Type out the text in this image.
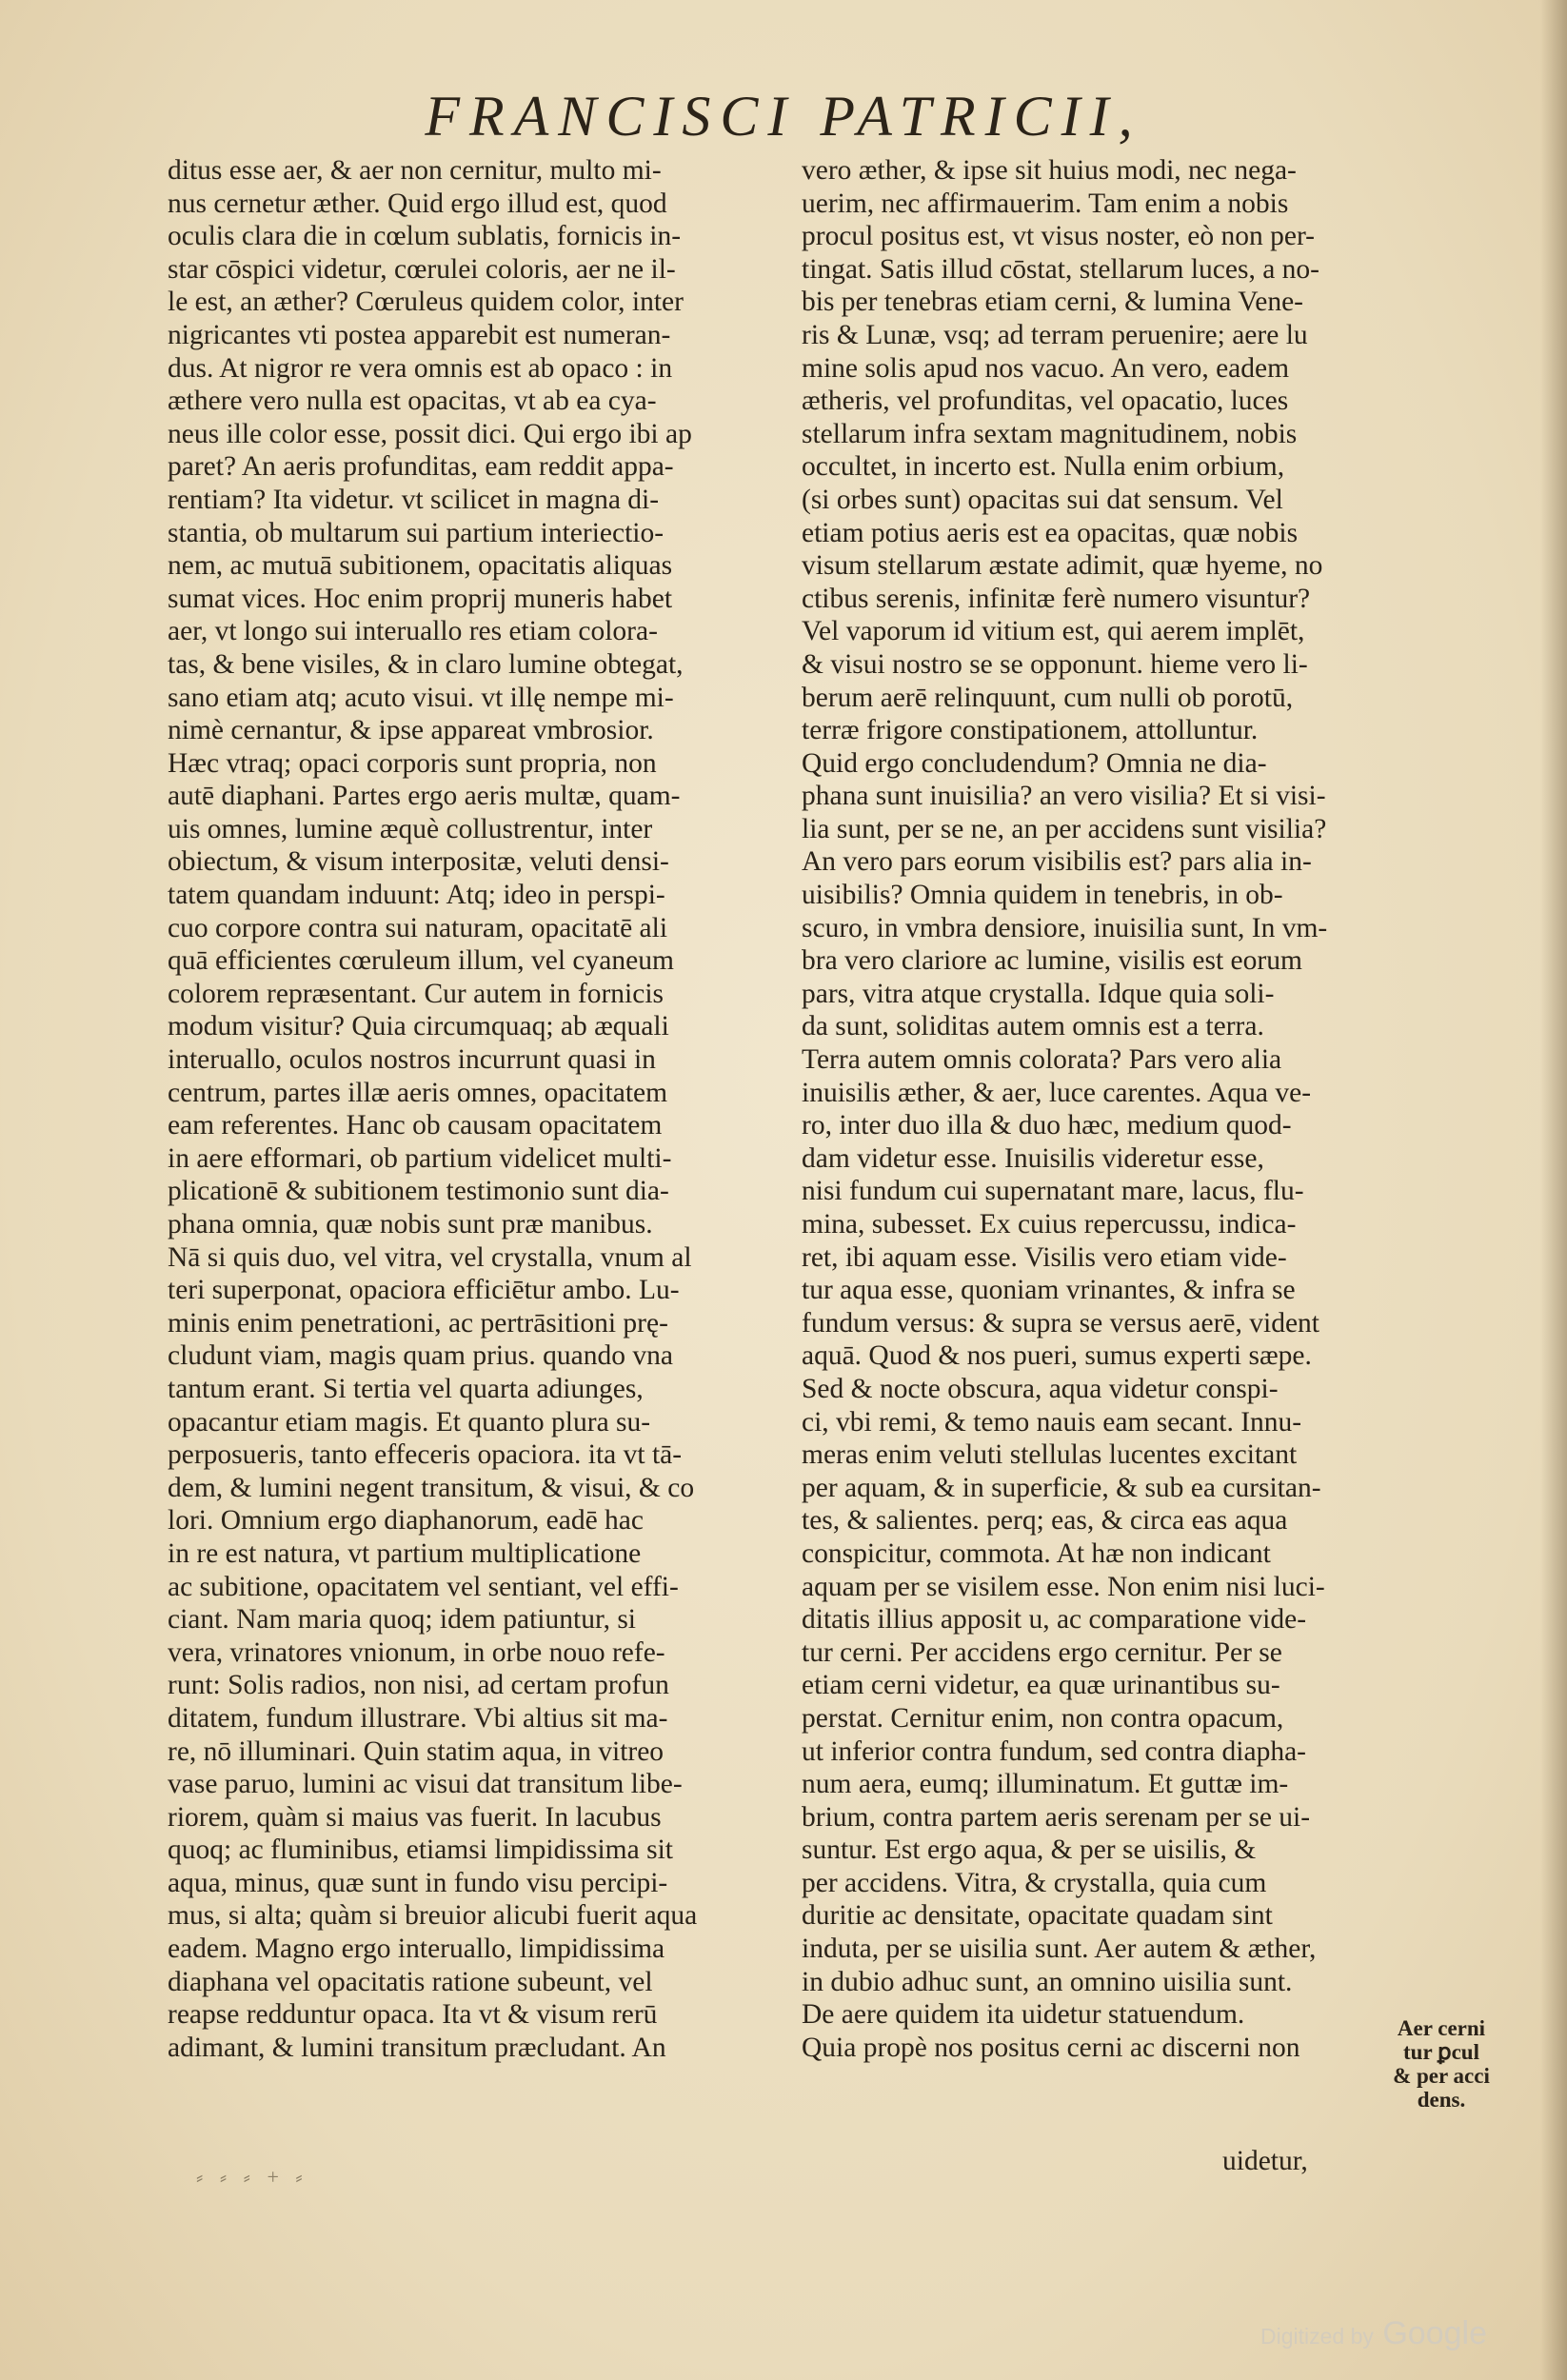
FRANCISCI PATRICII,
ditus esse aer, & aer non cernitur, multo mi-
nus cernetur æther. Quid ergo illud est, quod
oculis clara die in cœlum sublatis, fornicis in-
star cōspici videtur, cœrulei coloris, aer ne il-
le est, an æther? Cœruleus quidem color, inter
nigricantes vti postea apparebit est numeran-
dus. At nigror re vera omnis est ab opaco : in
æthere vero nulla est opacitas, vt ab ea cya-
neus ille color esse, possit dici. Qui ergo ibi ap
paret? An aeris profunditas, eam reddit appa-
rentiam? Ita videtur. vt scilicet in magna di-
stantia, ob multarum sui partium interiectio-
nem, ac mutuā subitionem, opacitatis aliquas
sumat vices. Hoc enim proprij muneris habet
aer, vt longo sui interuallo res etiam colora-
tas, & bene visiles, & in claro lumine obtegat,
sano etiam atq; acuto visui. vt illę nempe mi-
nimè cernantur, & ipse appareat vmbrosior.
Hæc vtraq; opaci corporis sunt propria, non
autē diaphani. Partes ergo aeris multæ, quam-
uis omnes, lumine æquè collustrentur, inter
obiectum, & visum interpositæ, veluti densi-
tatem quandam induunt: Atq; ideo in perspi-
cuo corpore contra sui naturam, opacitatē ali
quā efficientes cœruleum illum, vel cyaneum
colorem repræsentant. Cur autem in fornicis
modum visitur? Quia circumquaq; ab æquali
interuallo, oculos nostros incurrunt quasi in
centrum, partes illæ aeris omnes, opacitatem
eam referentes. Hanc ob causam opacitatem
in aere efformari, ob partium videlicet multi-
plicationē & subitionem testimonio sunt dia-
phana omnia, quæ nobis sunt præ manibus.
Nā si quis duo, vel vitra, vel crystalla, vnum al
teri superponat, opaciora efficiētur ambo. Lu-
minis enim penetrationi, ac pertrāsitioni prę-
cludunt viam, magis quam prius. quando vna
tantum erant. Si tertia vel quarta adiunges,
opacantur etiam magis. Et quanto plura su-
perposueris, tanto effeceris opaciora. ita vt tā-
dem, & lumini negent transitum, & visui, & co
lori. Omnium ergo diaphanorum, eadē hac
in re est natura, vt partium multiplicatione
ac subitione, opacitatem vel sentiant, vel effi-
ciant. Nam maria quoq; idem patiuntur, si
vera, vrinatores vnionum, in orbe nouo refe-
runt: Solis radios, non nisi, ad certam profun
ditatem, fundum illustrare. Vbi altius sit ma-
re, nō illuminari. Quin statim aqua, in vitreo
vase paruo, lumini ac visui dat transitum libe-
riorem, quàm si maius vas fuerit. In lacubus
quoq; ac fluminibus, etiamsi limpidissima sit
aqua, minus, quæ sunt in fundo visu percipi-
mus, si alta; quàm si breuior alicubi fuerit aqua
eadem. Magno ergo interuallo, limpidissima
diaphana vel opacitatis ratione subeunt, vel
reapse redduntur opaca. Ita vt & visum rerū
adimant, & lumini transitum præcludant. An
vero æther, & ipse sit huius modi, nec nega-
uerim, nec affirmauerim. Tam enim a nobis
procul positus est, vt visus noster, eò non per-
tingat. Satis illud cōstat, stellarum luces, a no-
bis per tenebras etiam cerni, & lumina Vene-
ris & Lunæ, vsq; ad terram peruenire; aere lu
mine solis apud nos vacuo. An vero, eadem
ætheris, vel profunditas, vel opacatio, luces
stellarum infra sextam magnitudinem, nobis
occultet, in incerto est. Nulla enim orbium,
(si orbes sunt) opacitas sui dat sensum. Vel
etiam potius aeris est ea opacitas, quæ nobis
visum stellarum æstate adimit, quæ hyeme, no
ctibus serenis, infinitæ ferè numero visuntur?
Vel vaporum id vitium est, qui aerem implēt,
& visui nostro se se opponunt. hieme vero li-
berum aerē relinquunt, cum nulli ob porotū,
terræ frigore constipationem, attolluntur.
Quid ergo concludendum? Omnia ne dia-
phana sunt inuisilia? an vero visilia? Et si visi-
lia sunt, per se ne, an per accidens sunt visilia?
An vero pars eorum visibilis est? pars alia in-
uisibilis? Omnia quidem in tenebris, in ob-
scuro, in vmbra densiore, inuisilia sunt, In vm-
bra vero clariore ac lumine, visilis est eorum
pars, vitra atque crystalla. Idque quia soli-
da sunt, soliditas autem omnis est a terra.
Terra autem omnis colorata? Pars vero alia
inuisilis æther, & aer, luce carentes. Aqua ve-
ro, inter duo illa & duo hæc, medium quod-
dam videtur esse. Inuisilis videretur esse,
nisi fundum cui supernatant mare, lacus, flu-
mina, subesset. Ex cuius repercussu, indica-
ret, ibi aquam esse. Visilis vero etiam vide-
tur aqua esse, quoniam vrinantes, & infra se
fundum versus: & supra se versus aerē, vident
aquā. Quod & nos pueri, sumus experti sæpe.
Sed & nocte obscura, aqua videtur conspi-
ci, vbi remi, & temo nauis eam secant. Innu-
meras enim veluti stellulas lucentes excitant
per aquam, & in superficie, & sub ea cursitan-
tes, & salientes. perq; eas, & circa eas aqua
conspicitur, commota. At hæ non indicant
aquam per se visilem esse. Non enim nisi luci-
ditatis illius apposit u, ac comparatione vide-
tur cerni. Per accidens ergo cernitur. Per se
etiam cerni videtur, ea quæ urinantibus su-
perstat. Cernitur enim, non contra opacum,
ut inferior contra fundum, sed contra diapha-
num aera, eumq; illuminatum. Et guttæ im-
brium, contra partem aeris serenam per se ui-
suntur. Est ergo aqua, & per se uisilis, &
per accidens. Vitra, & crystalla, quia cum
duritie ac densitate, opacitate quadam sint
induta, per se uisilia sunt. Aer autem & æther,
in dubio adhuc sunt, an omnino uisilia sunt.
De aere quidem ita uidetur statuendum.
Quia propè nos positus cerni ac discerni non
Aer cerni
tur ꝑcul
& per acci
dens.
uidetur,
⸗ ⸗ ⸗ + ⸗
Digitized by Google
